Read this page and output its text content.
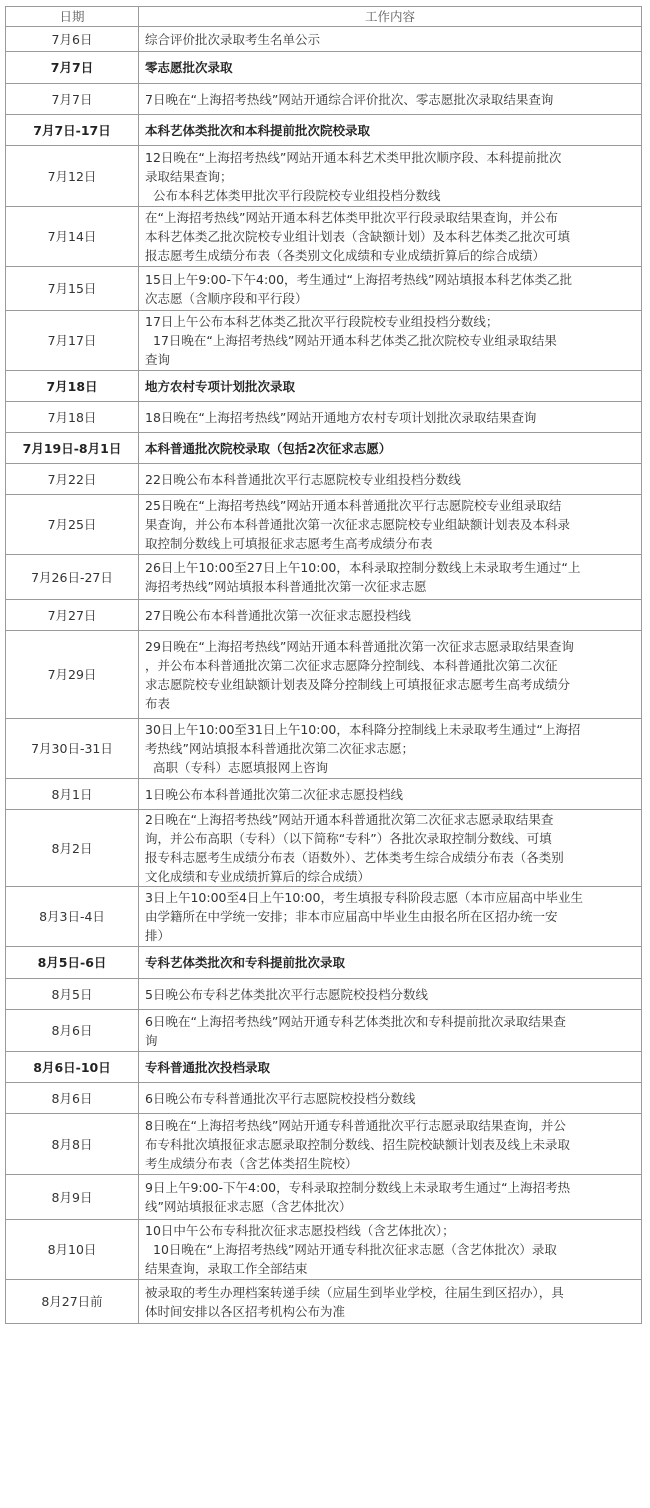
日期	工作内容
7月6日	综合评价批次录取考生名单公示

7月7日	零志愿批次录取

7月7日	7日晚在“上海招考热线”网站开通综合评价批次、零志愿批次录取结果查询

7月7日-17日	本科艺体类批次和本科提前批次院校录取

7月12日	12日晚在“上海招考热线”网站开通本科艺术类甲批次顺序段、本科提前批次
录取结果查询；
公布本科艺体类甲批次平行段院校专业组投档分数线

7月14日	在“上海招考热线”网站开通本科艺体类甲批次平行段录取结果查询，并公布
本科艺体类乙批次院校专业组计划表（含缺额计划）及本科艺体类乙批次可填
报志愿考生成绩分布表（各类别文化成绩和专业成绩折算后的综合成绩）

7月15日	15日上午9:00-下午4:00，考生通过“上海招考热线”网站填报本科艺体类乙批
次志愿（含顺序段和平行段）

7月17日	17日上午公布本科艺体类乙批次平行段院校专业组投档分数线；
17日晚在“上海招考热线”网站开通本科艺体类乙批次院校专业组录取结果
查询

7月18日	地方农村专项计划批次录取

7月18日	18日晚在“上海招考热线”网站开通地方农村专项计划批次录取结果查询

7月19日-8月1日	本科普通批次院校录取（包括2次征求志愿）

7月22日	22日晚公布本科普通批次平行志愿院校专业组投档分数线

7月25日	25日晚在“上海招考热线”网站开通本科普通批次平行志愿院校专业组录取结
果查询，并公布本科普通批次第一次征求志愿院校专业组缺额计划表及本科录
取控制分数线上可填报征求志愿考生高考成绩分布表

7月26日-27日	26日上午10:00至27日上午10:00，本科录取控制分数线上未录取考生通过“上
海招考热线”网站填报本科普通批次第一次征求志愿

7月27日	27日晚公布本科普通批次第一次征求志愿投档线

7月29日	29日晚在“上海招考热线”网站开通本科普通批次第一次征求志愿录取结果查询
，并公布本科普通批次第二次征求志愿降分控制线、本科普通批次第二次征
求志愿院校专业组缺额计划表及降分控制线上可填报征求志愿考生高考成绩分
布表

7月30日-31日	30日上午10:00至31日上午10:00，本科降分控制线上未录取考生通过“上海招
考热线”网站填报本科普通批次第二次征求志愿；
高职（专科）志愿填报网上咨询

8月1日	1日晚公布本科普通批次第二次征求志愿投档线

8月2日	2日晚在“上海招考热线”网站开通本科普通批次第二次征求志愿录取结果查
询，并公布高职（专科）（以下简称“专科”）各批次录取控制分数线、可填
报专科志愿考生成绩分布表（语数外）、艺体类考生综合成绩分布表（各类别
文化成绩和专业成绩折算后的综合成绩）

8月3日-4日	3日上午10:00至4日上午10:00，考生填报专科阶段志愿（本市应届高中毕业生
由学籍所在中学统一安排；非本市应届高中毕业生由报名所在区招办统一安
排）

8月5日-6日	专科艺体类批次和专科提前批次录取

8月5日	5日晚公布专科艺体类批次平行志愿院校投档分数线

8月6日	6日晚在“上海招考热线”网站开通专科艺体类批次和专科提前批次录取结果查
询

8月6日-10日	专科普通批次投档录取

8月6日	6日晚公布专科普通批次平行志愿院校投档分数线

8月8日	8日晚在“上海招考热线”网站开通专科普通批次平行志愿录取结果查询，并公
布专科批次填报征求志愿录取控制分数线、招生院校缺额计划表及线上未录取
考生成绩分布表（含艺体类招生院校）

8月9日	9日上午9:00-下午4:00，专科录取控制分数线上未录取考生通过“上海招考热
线”网站填报征求志愿（含艺体批次）

8月10日	10日中午公布专科批次征求志愿投档线（含艺体批次）；
10日晚在“上海招考热线”网站开通专科批次征求志愿（含艺体批次）录取
结果查询，录取工作全部结束

8月27日前	被录取的考生办理档案转递手续（应届生到毕业学校，往届生到区招办），具
体时间安排以各区招考机构公布为准
